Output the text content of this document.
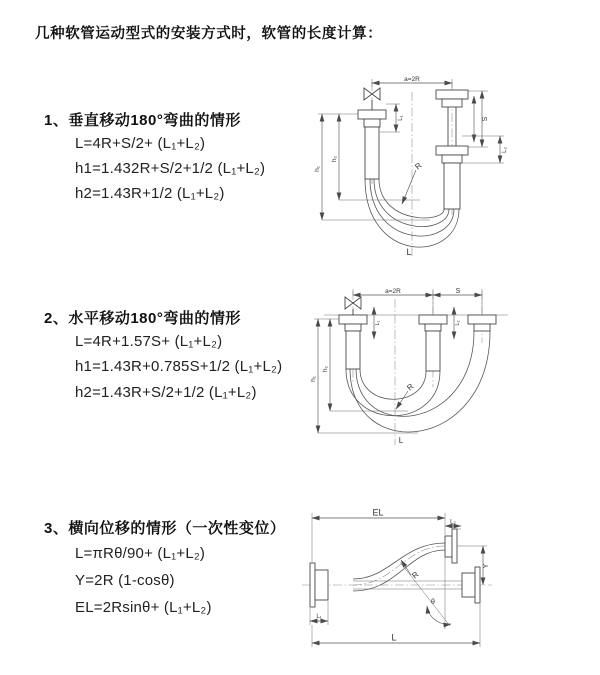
几种软管运动型式的安装方式时，软管的长度计算：
1、垂直移动180°弯曲的情形
L=4R+S/2+ (L₁+L₂)
h1=1.432R+S/2+1/2 (L₁+L₂)
h2=1.43R+1/2 (L₁+L₂)
2、水平移动180°弯曲的情形
L=4R+1.57S+ (L₁+L₂)
h1=1.43R+0.785S+1/2 (L₁+L₂)
h2=1.43R+S/2+1/2 (L₁+L₂)
3、横向位移的情形（一次性变位）
L=πRθ/90+ (L₁+L₂)
Y=2R (1-cosθ)
EL=2Rsinθ+ (L₁+L₂)
a=2R
h₁
h₂
L₁	S
L₂
R
L
a=2R	S
h₁
h₂
L₁	L₂
R
L
θ
R
EL
L₂
Y
L₁
L
